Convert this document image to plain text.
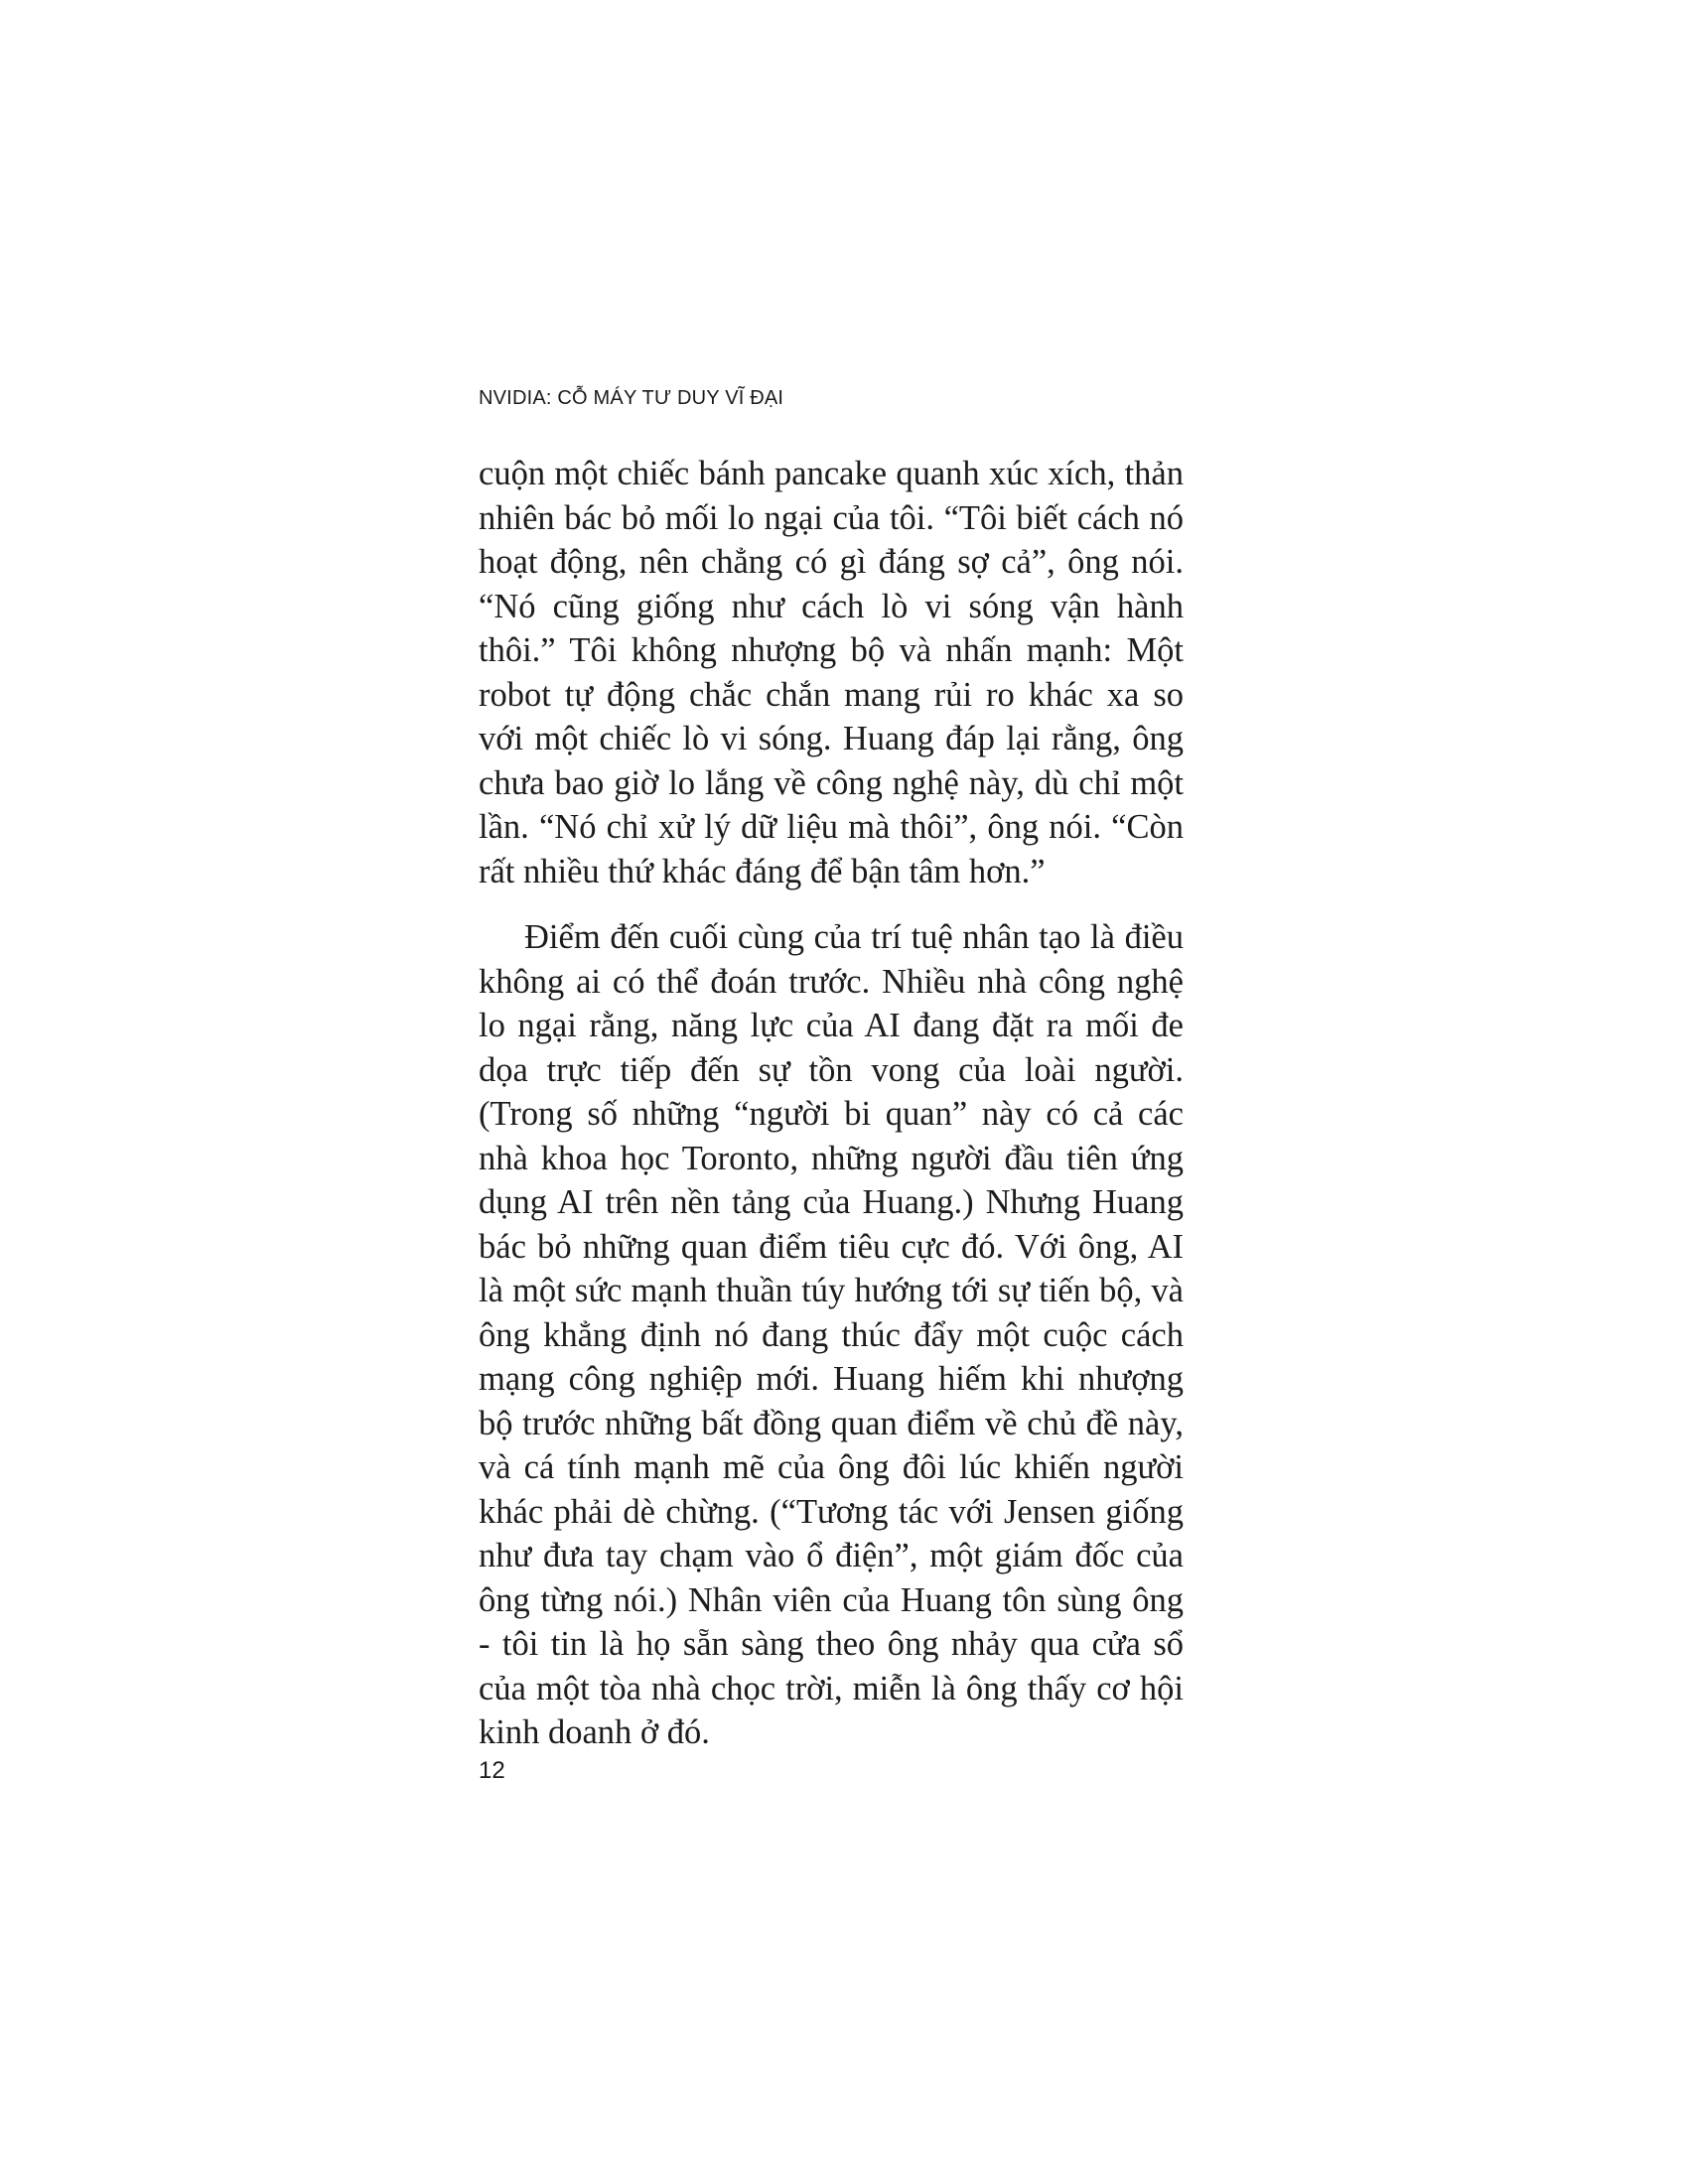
NVIDIA: CỖ MÁY TƯ DUY VĨ ĐẠI

cuộn một chiếc bánh pancake quanh xúc xích, thản nhiên bác bỏ mối lo ngại của tôi. “Tôi biết cách nó hoạt động, nên chẳng có gì đáng sợ cả”, ông nói. “Nó cũng giống như cách lò vi sóng vận hành thôi.” Tôi không nhượng bộ và nhấn mạnh: Một robot tự động chắc chắn mang rủi ro khác xa so với một chiếc lò vi sóng. Huang đáp lại rằng, ông chưa bao giờ lo lắng về công nghệ này, dù chỉ một lần. “Nó chỉ xử lý dữ liệu mà thôi”, ông nói. “Còn rất nhiều thứ khác đáng để bận tâm hơn.”

Điểm đến cuối cùng của trí tuệ nhân tạo là điều không ai có thể đoán trước. Nhiều nhà công nghệ lo ngại rằng, năng lực của AI đang đặt ra mối đe dọa trực tiếp đến sự tồn vong của loài người. (Trong số những “người bi quan” này có cả các nhà khoa học Toronto, những người đầu tiên ứng dụng AI trên nền tảng của Huang.) Nhưng Huang bác bỏ những quan điểm tiêu cực đó. Với ông, AI là một sức mạnh thuần túy hướng tới sự tiến bộ, và ông khẳng định nó đang thúc đẩy một cuộc cách mạng công nghiệp mới. Huang hiếm khi nhượng bộ trước những bất đồng quan điểm về chủ đề này, và cá tính mạnh mẽ của ông đôi lúc khiến người khác phải dè chừng. (“Tương tác với Jensen giống như đưa tay chạm vào ổ điện”, một giám đốc của ông từng nói.) Nhân viên của Huang tôn sùng ông - tôi tin là họ sẵn sàng theo ông nhảy qua cửa sổ của một tòa nhà chọc trời, miễn là ông thấy cơ hội kinh doanh ở đó.

12
